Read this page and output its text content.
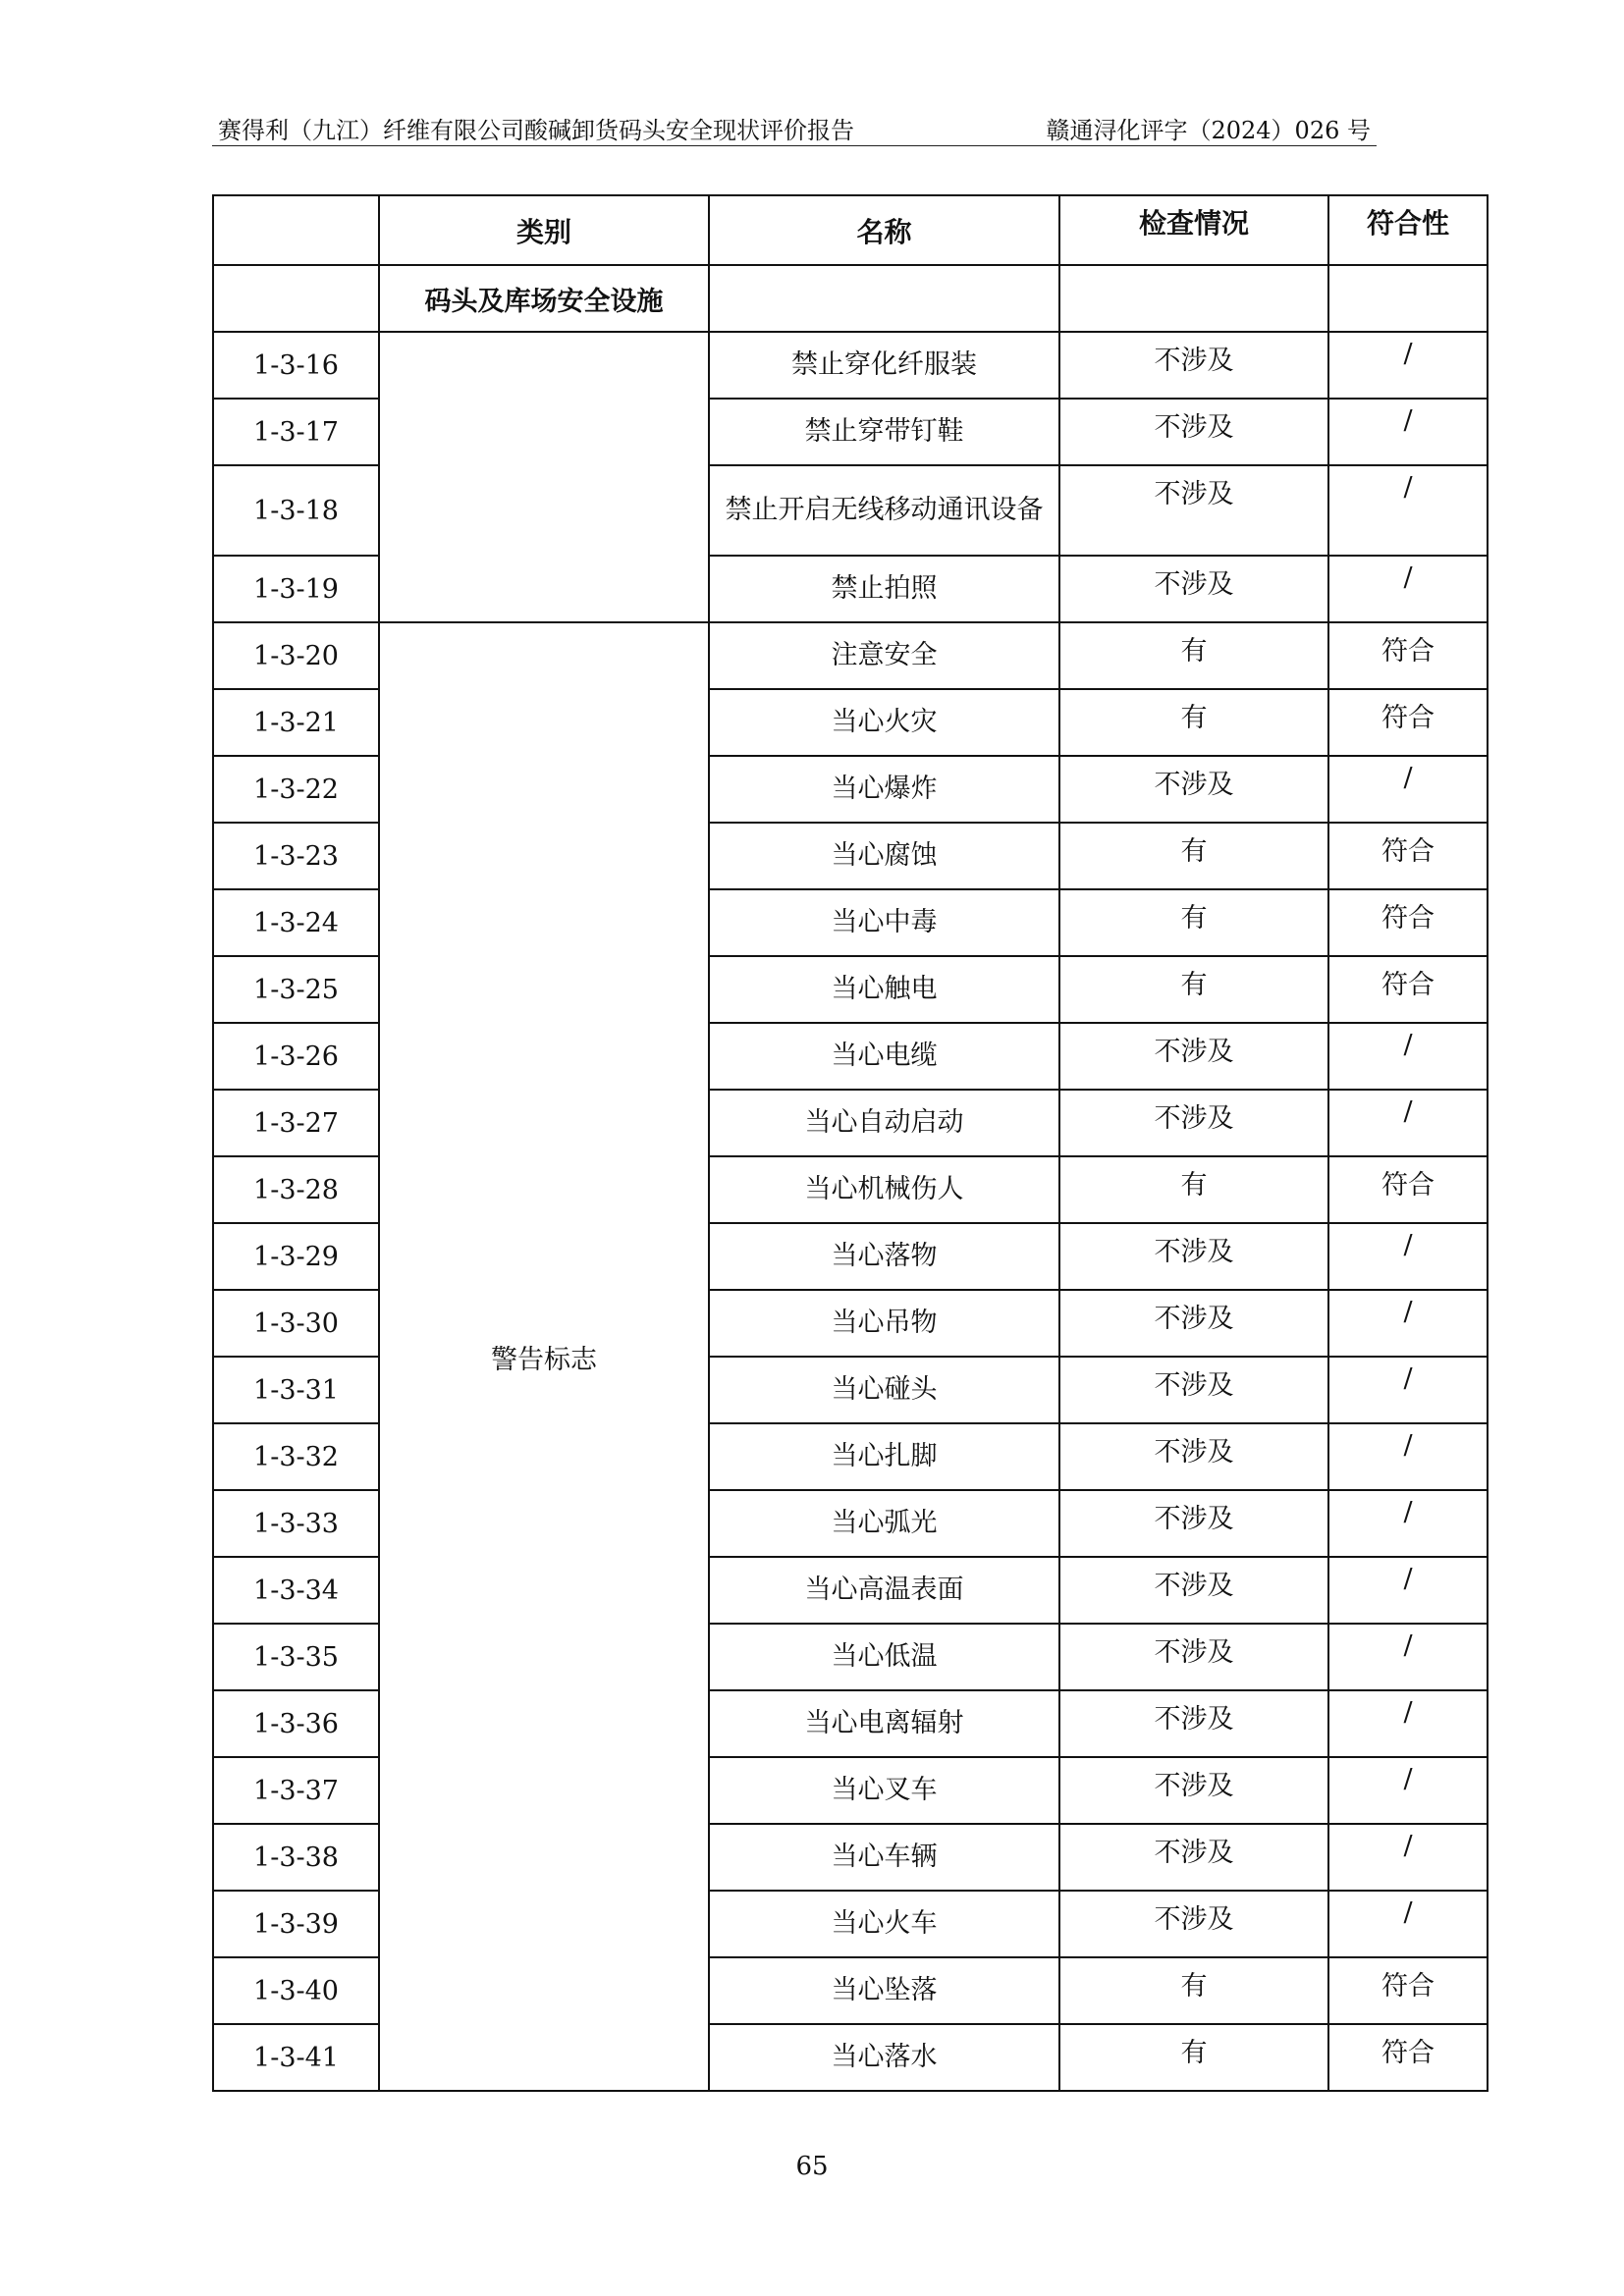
赛得利（九江）纤维有限公司酸碱卸货码头安全现状评价报告	赣通浔化评字（2024）026 号
	类别	名称	检查情况	符合性
	码头及库场安全设施			
1-3-16		禁止穿化纤服装	不涉及	/
1-3-17		禁止穿带钉鞋	不涉及	/
1-3-18		禁止开启无线移动通讯设备	不涉及	/
1-3-19		禁止拍照	不涉及	/
1-3-20	警告标志	注意安全	有	符合
1-3-21		当心火灾	有	符合
1-3-22		当心爆炸	不涉及	/
1-3-23		当心腐蚀	有	符合
1-3-24		当心中毒	有	符合
1-3-25		当心触电	有	符合
1-3-26		当心电缆	不涉及	/
1-3-27		当心自动启动	不涉及	/
1-3-28		当心机械伤人	有	符合
1-3-29		当心落物	不涉及	/
1-3-30		当心吊物	不涉及	/
1-3-31		当心碰头	不涉及	/
1-3-32		当心扎脚	不涉及	/
1-3-33		当心弧光	不涉及	/
1-3-34		当心高温表面	不涉及	/
1-3-35		当心低温	不涉及	/
1-3-36		当心电离辐射	不涉及	/
1-3-37		当心叉车	不涉及	/
1-3-38		当心车辆	不涉及	/
1-3-39		当心火车	不涉及	/
1-3-40		当心坠落	有	符合
1-3-41		当心落水	有	符合
65
